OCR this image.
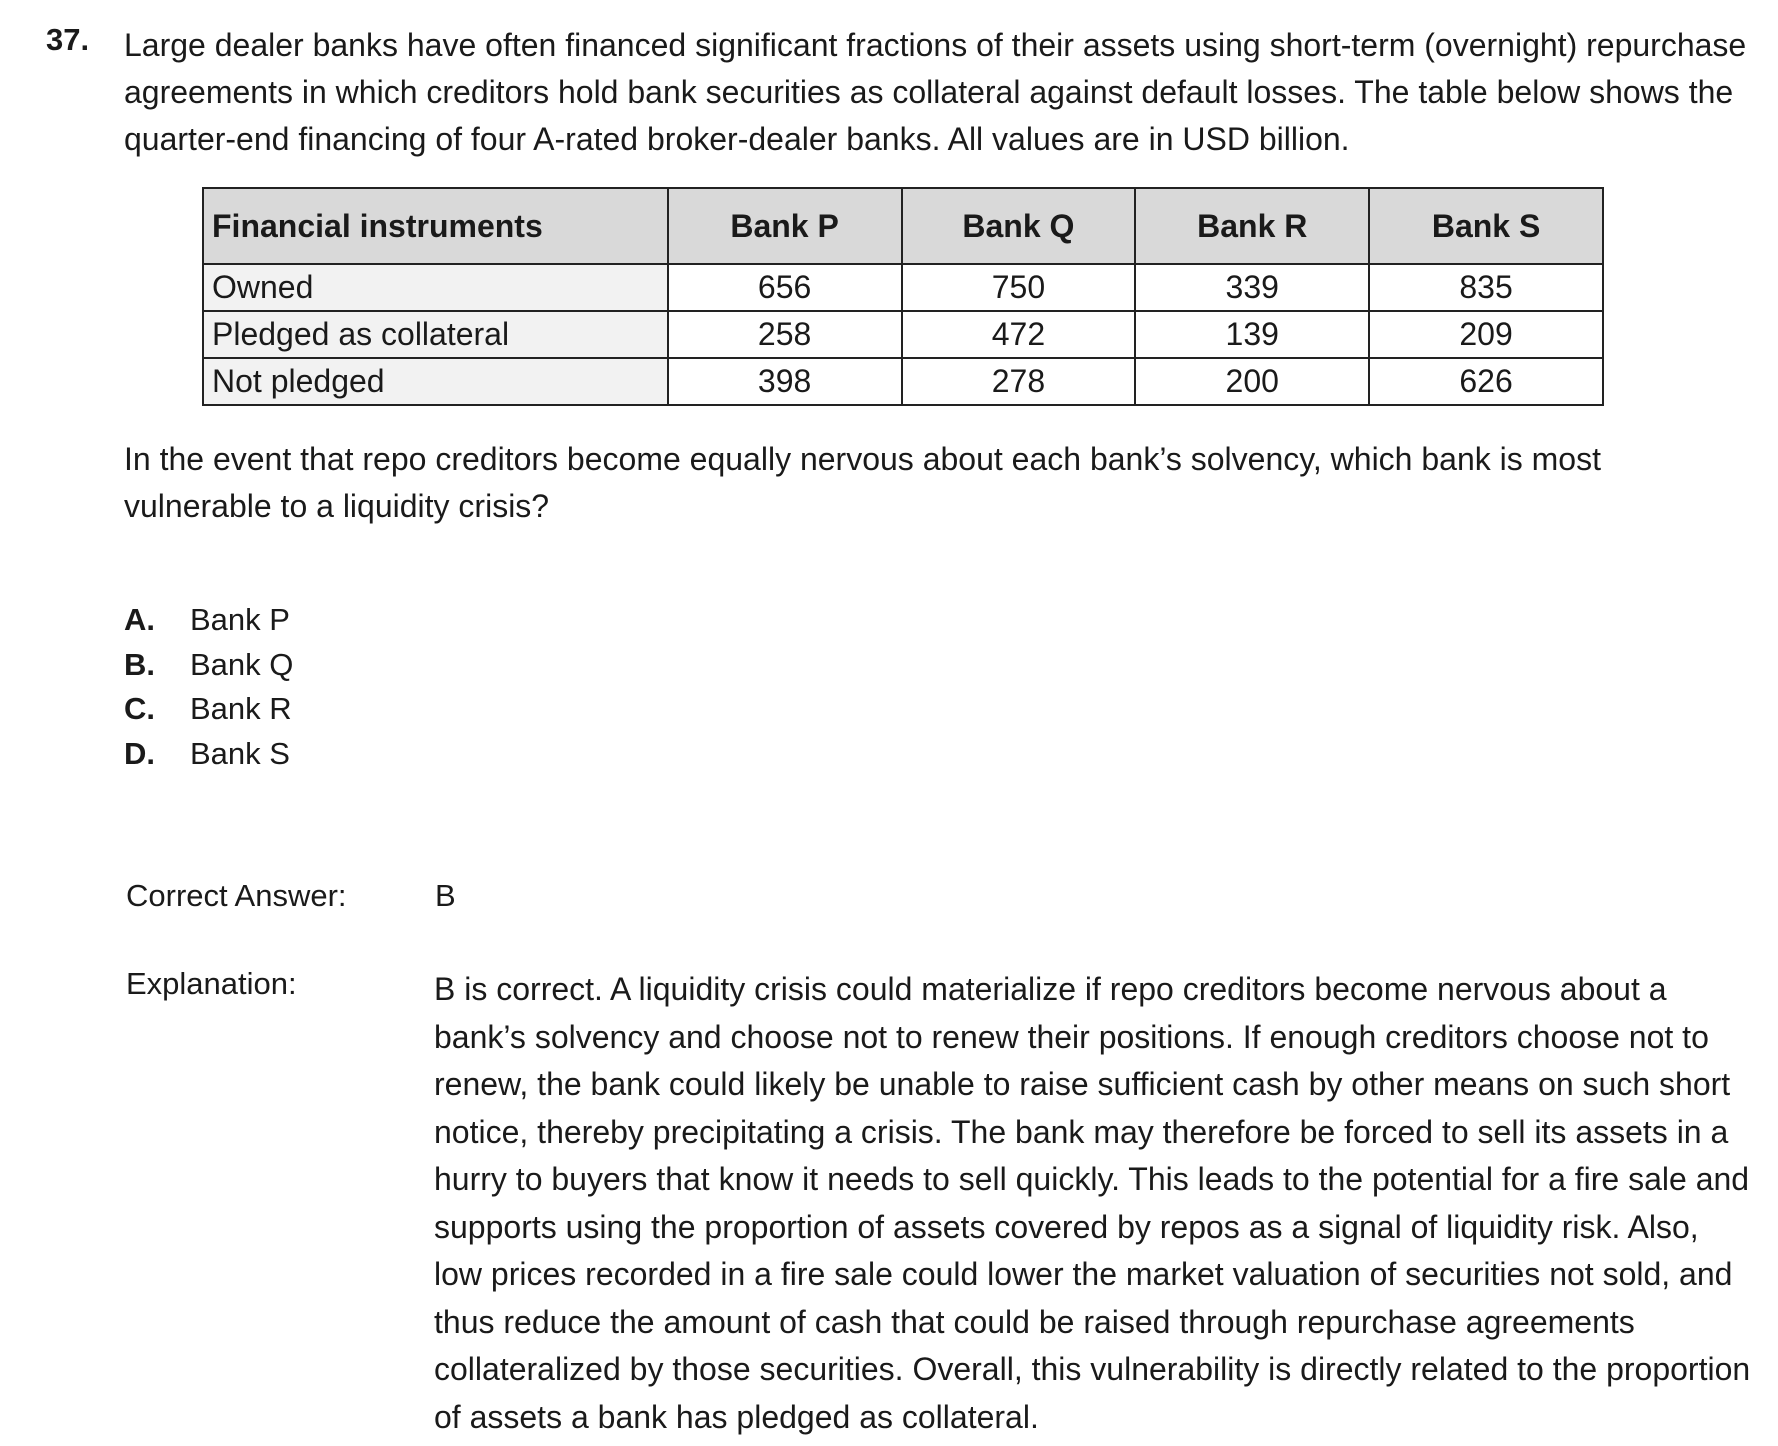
37. Large dealer banks have often financed significant fractions of their assets using short-term (overnight) repurchase agreements in which creditors hold bank securities as collateral against default losses. The table below shows the quarter-end financing of four A-rated broker-dealer banks. All values are in USD billion.

Financial instruments	Bank P	Bank Q	Bank R	Bank S
Owned	656	750	339	835
Pledged as collateral	258	472	139	209
Not pledged	398	278	200	626

In the event that repo creditors become equally nervous about each bank’s solvency, which bank is most vulnerable to a liquidity crisis?

A.	Bank P
B.	Bank Q
C.	Bank R
D.	Bank S
Correct Answer:	B
Explanation:	B is correct. A liquidity crisis could materialize if repo creditors become nervous about a bank’s solvency and choose not to renew their positions. If enough creditors choose not to renew, the bank could likely be unable to raise sufficient cash by other means on such short notice, thereby precipitating a crisis. The bank may therefore be forced to sell its assets in a hurry to buyers that know it needs to sell quickly. This leads to the potential for a fire sale and supports using the proportion of assets covered by repos as a signal of liquidity risk. Also, low prices recorded in a fire sale could lower the market valuation of securities not sold, and thus reduce the amount of cash that could be raised through repurchase agreements collateralized by those securities. Overall, this vulnerability is directly related to the proportion of assets a bank has pledged as collateral.
